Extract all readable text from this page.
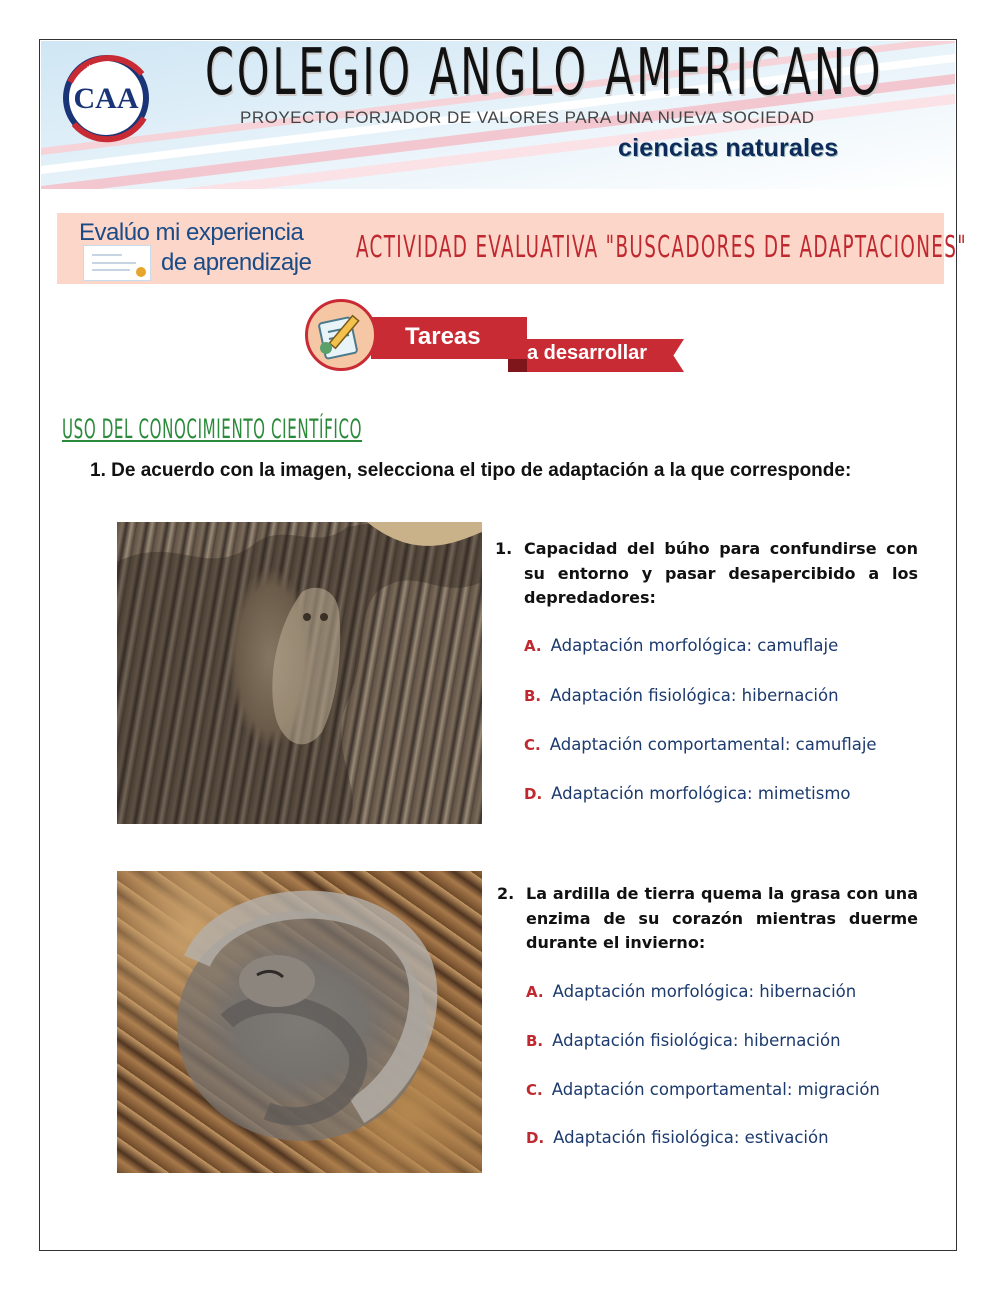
★ ★
CAA COLEGIO ANGLO AMERICANO
PROYECTO FORJADOR DE VALORES PARA UNA NUEVA SOCIEDAD
ciencias naturales
Evalúo mi experiencia
de aprendizaje ACTIVIDAD EVALUATIVA "BUSCADORES DE ADAPTACIONES"
Tareas
a desarrollar
USO DEL CONOCIMIENTO CIENTÍFICO
1. De acuerdo con la imagen, selecciona el tipo de adaptación a la que corresponde:
1. Capacidad del búho para confundirse con su entorno y pasar desapercibido a los depredadores:
A. Adaptación morfológica: camuflaje
B. Adaptación fisiológica: hibernación
C. Adaptación comportamental: camuflaje
D. Adaptación morfológica: mimetismo
2. La ardilla de tierra quema la grasa con una enzima de su corazón mientras duerme durante el invierno:
A. Adaptación morfológica: hibernación
B. Adaptación fisiológica: hibernación
C. Adaptación comportamental: migración
D. Adaptación fisiológica: estivación
